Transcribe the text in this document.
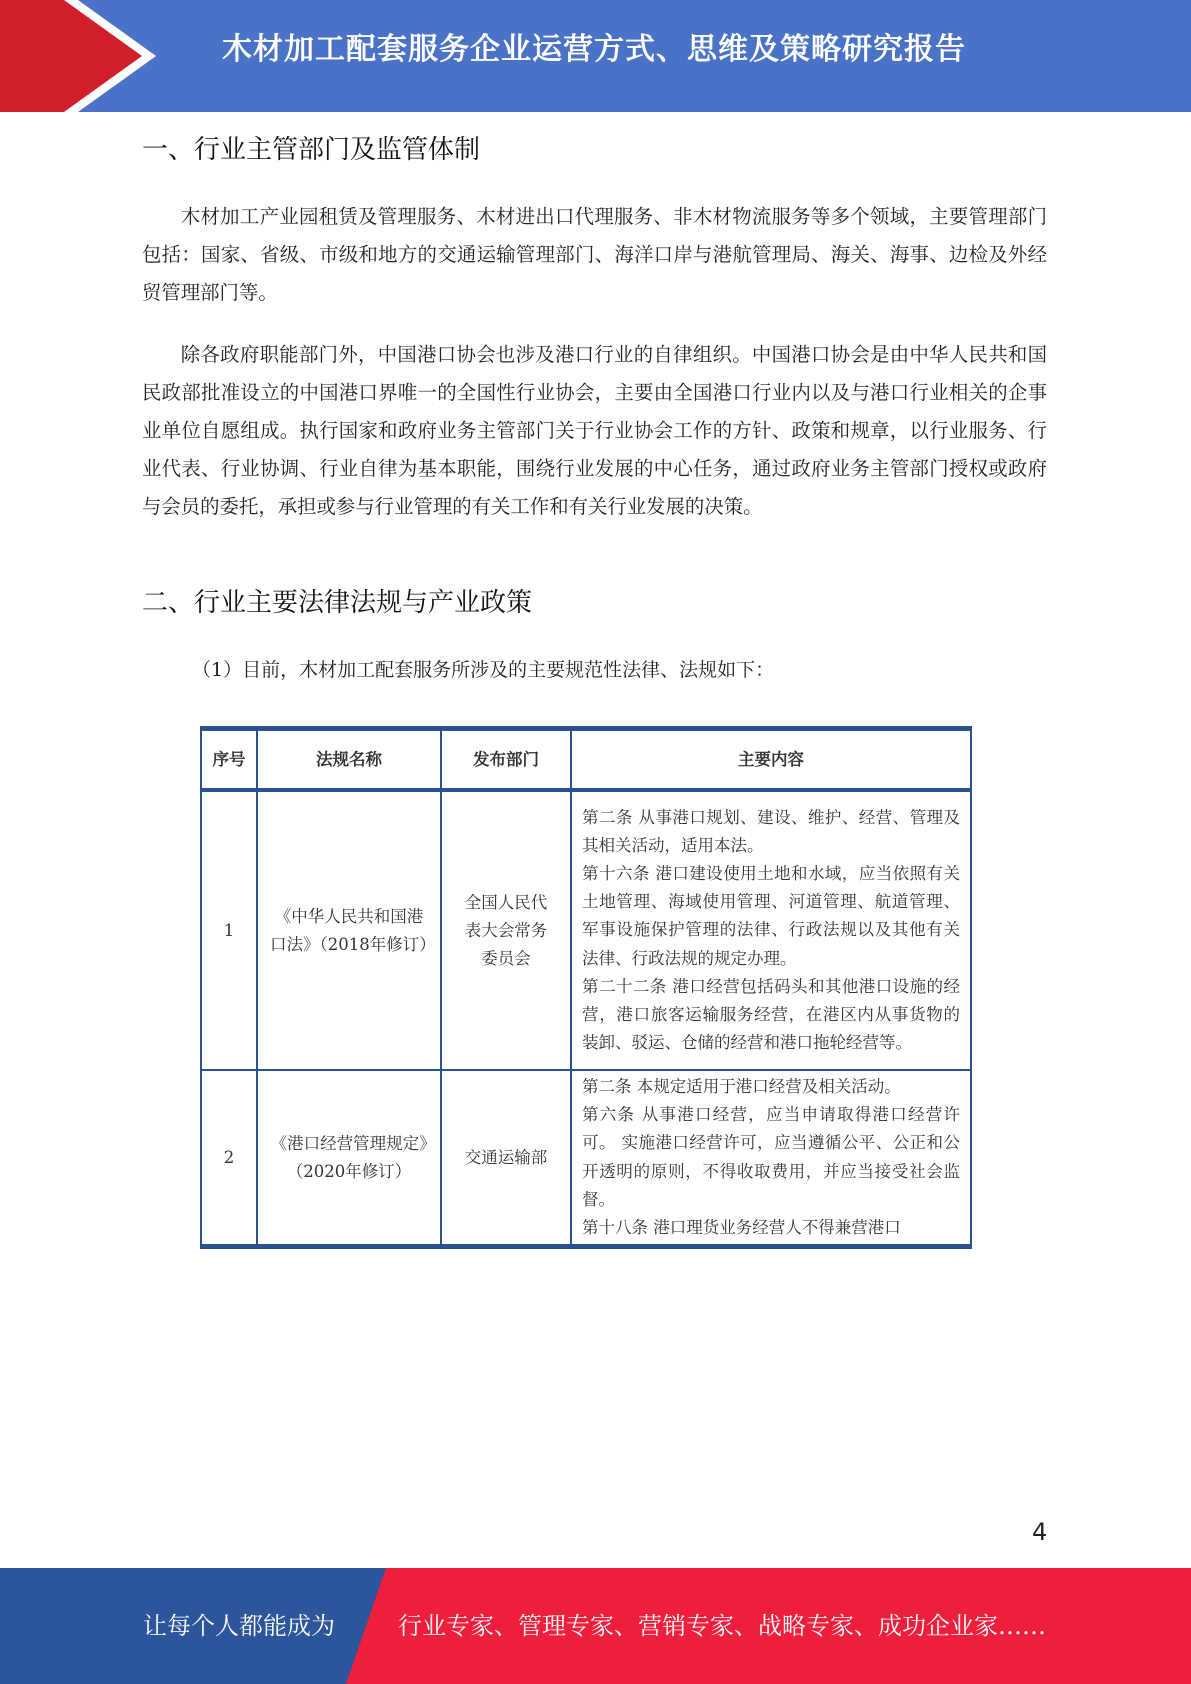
木材加工配套服务企业运营方式、思维及策略研究报告
一、行业主管部门及监管体制

木材加工产业园租赁及管理服务、木材进出口代理服务、非木材物流服务等多个领域，主要管理部门包括：国家、省级、市级和地方的交通运输管理部门、海洋口岸与港航管理局、海关、海事、边检及外经贸管理部门等。

除各政府职能部门外，中国港口协会也涉及港口行业的自律组织。中国港口协会是由中华人民共和国民政部批准设立的中国港口界唯一的全国性行业协会，主要由全国港口行业内以及与港口行业相关的企事业单位自愿组成。执行国家和政府业务主管部门关于行业协会工作的方针、政策和规章，以行业服务、行业代表、行业协调、行业自律为基本职能，围绕行业发展的中心任务，通过政府业务主管部门授权或政府与会员的委托，承担或参与行业管理的有关工作和有关行业发展的决策。

二、行业主要法律法规与产业政策

（1）目前，木材加工配套服务所涉及的主要规范性法律、法规如下：

序号	法规名称	发布部门	主要内容
1	《中华人民共和国港口法》（2018年修订）	全国人民代表大会常务委员会	第二条 从事港口规划、建设、维护、经营、管理及其相关活动，适用本法。

第十六条 港口建设使用土地和水域，应当依照有关土地管理、海域使用管理、河道管理、航道管理、军事设施保护管理的法律、行政法规以及其他有关法律、行政法规的规定办理。

第二十二条 港口经营包括码头和其他港口设施的经营，港口旅客运输服务经营，在港区内从事货物的装卸、驳运、仓储的经营和港口拖轮经营等。

2	《港口经营管理规定》（2020年修订）	交通运输部	第二条 本规定适用于港口经营及相关活动。

第六条 从事港口经营，应当申请取得港口经营许可。 实施港口经营许可，应当遵循公平、公正和公开透明的原则，不得收取费用，并应当接受社会监督。

第十八条 港口理货业务经营人不得兼营港口

4
让每个人都能成为	行业专家、管理专家、营销专家、战略专家、成功企业家……
